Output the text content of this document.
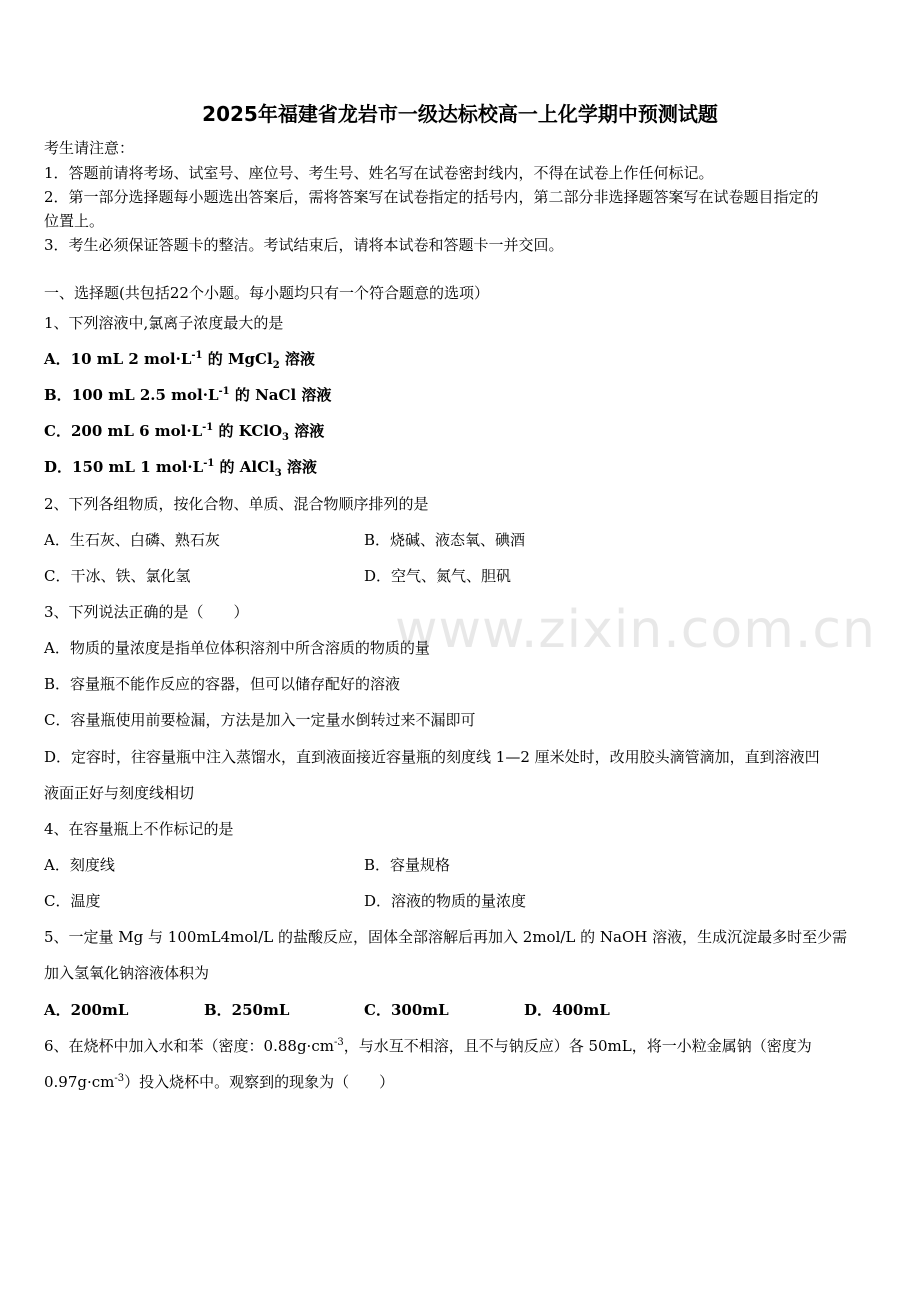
2025年福建省龙岩市一级达标校高一上化学期中预测试题
考生请注意：
1．答题前请将考场、试室号、座位号、考生号、姓名写在试卷密封线内，不得在试卷上作任何标记。
2．第一部分选择题每小题选出答案后，需将答案写在试卷指定的括号内，第二部分非选择题答案写在试卷题目指定的
位置上。
3．考生必须保证答题卡的整洁。考试结束后，请将本试卷和答题卡一并交回。
一、选择题(共包括22个小题。每小题均只有一个符合题意的选项）
1、下列溶液中,氯离子浓度最大的是
A．10 mL 2 $mol\cdot L^{-1}$ 的 MgCl$_2$ 溶液
B．100 mL 2.5 $mol\cdot L^{-1}$ 的 NaCl 溶液
C．200 mL 6 $mol\cdot L^{-1}$ 的 KClO$_3$ 溶液
D．150 mL 1 $mol\cdot L^{-1}$ 的 AlCl$_3$ 溶液
2、下列各组物质，按化合物、单质、混合物顺序排列的是
A．生石灰、白磷、熟石灰	B．烧碱、液态氧、碘酒
C．干冰、铁、氯化氢	D．空气、氮气、胆矾
3、下列说法正确的是（　　）
A．物质的量浓度是指单位体积溶剂中所含溶质的物质的量
B．容量瓶不能作反应的容器，但可以储存配好的溶液
C．容量瓶使用前要检漏，方法是加入一定量水倒转过来不漏即可
D．定容时，往容量瓶中注入蒸馏水，直到液面接近容量瓶的刻度线 1—2 厘米处时，改用胶头滴管滴加，直到溶液凹
液面正好与刻度线相切
4、在容量瓶上不作标记的是
A．刻度线	B．容量规格
C．温度	D．溶液的物质的量浓度
5、一定量 Mg 与 100mL4mol/L 的盐酸反应，固体全部溶解后再加入 2mol/L 的 NaOH 溶液，生成沉淀最多时至少需
加入氢氧化钠溶液体积为
A．200mL	B．250mL	C．300mL	D．400mL
6、在烧杯中加入水和苯（密度：$0.88g\cdot cm^{-3}$，与水互不相溶，且不与钠反应）各 50mL，将一小粒金属钠（密度为
$0.97g\cdot cm^{-3}$）投入烧杯中。观察到的现象为（　　）
www.zixin.com.cn
